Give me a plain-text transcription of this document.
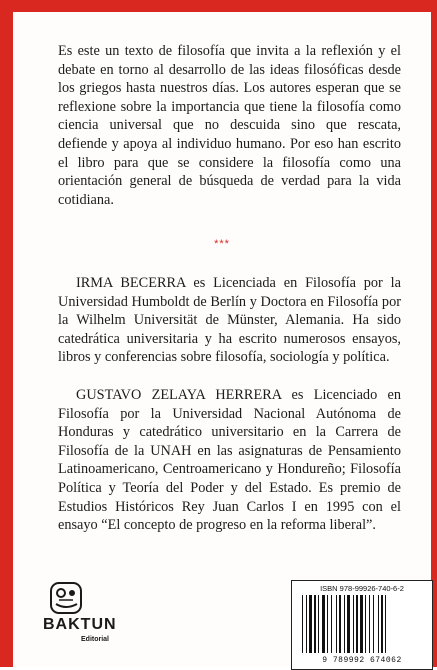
Es este un texto de filosofía que invita a la reflexión y el debate en torno al desarrollo de las ideas filosóficas desde los griegos hasta nuestros días. Los autores esperan que se reflexione sobre la importancia que tiene la filosofía como ciencia universal que no descuida sino que rescata, defiende y apoya al individuo humano. Por eso han escrito el libro para que se considere la filosofía como una orientación general de búsqueda de verdad para la vida cotidiana.

***

IRMA BECERRA es Licenciada en Filosofía por la Universidad Humboldt de Berlín y Doctora en Filosofía por la Wilhelm Universität de Münster, Alemania. Ha sido catedrática universitaria y ha escrito numerosos ensayos, libros y conferencias sobre filosofía, sociología y política.

GUSTAVO ZELAYA HERRERA es Licenciado en Filosofía por la Universidad Nacional Autónoma de Honduras y catedrático universitario en la Carrera de Filosofía de la UNAH en las asignaturas de Pensamiento Latinoamericano, Centroamericano y Hondureño; Filosofía Política y Teoría del Poder y del Estado. Es premio de Estudios Históricos Rey Juan Carlos I en 1995 con el ensayo “El concepto de progreso en la reforma liberal”.

BAKTUN
Editorial
ISBN 978-99926-740-6-2
9 789992 674062
